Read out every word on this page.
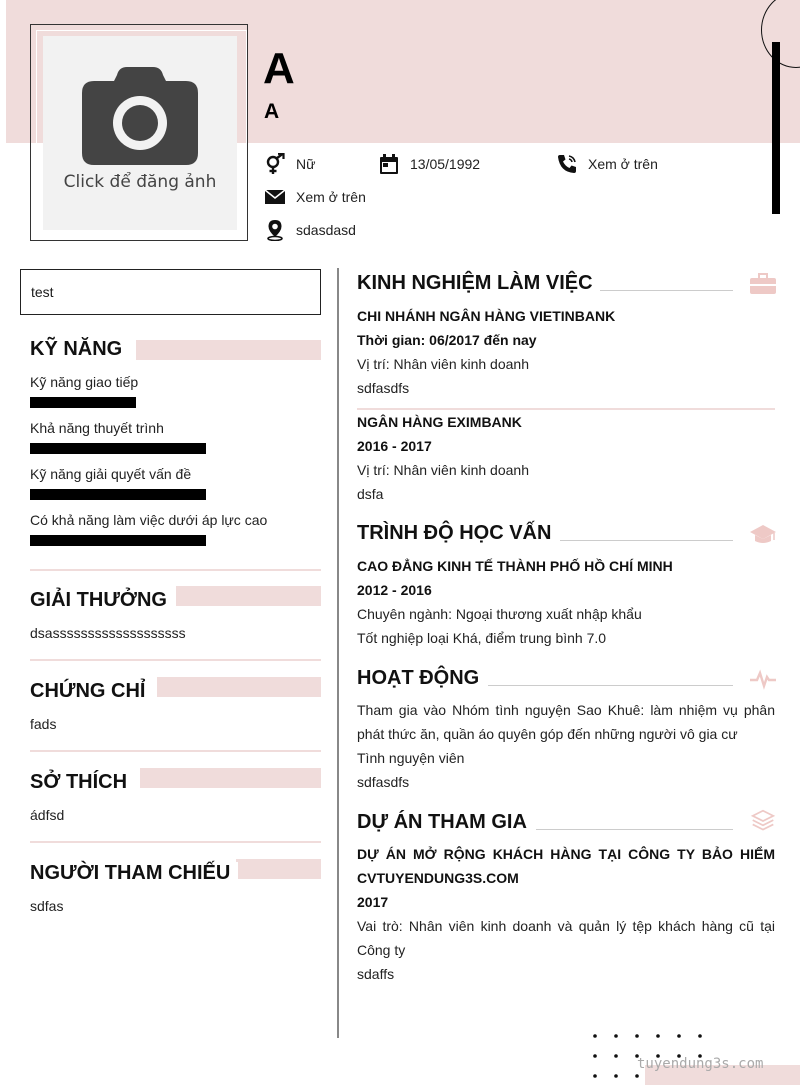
Click để đăng ảnh
A
A
Nữ	13/05/1992	Xem ở trên
Xem ở trên
sdasdasd
test
KỸ NĂNG
Kỹ năng giao tiếp
Khả năng thuyết trình
Kỹ năng giải quyết vấn đề
Có khả năng làm việc dưới áp lực cao
GIẢI THƯỞNG
dsasssssssssssssssssss
CHỨNG CHỈ
fads
SỞ THÍCH
ádfsd
NGƯỜI THAM CHIẾU
sdfas
KINH NGHIỆM LÀM VIỆC
CHI NHÁNH NGÂN HÀNG VIETINBANK
Thời gian: 06/2017 đến nay
Vị trí: Nhân viên kinh doanh
sdfasdfs
NGÂN HÀNG EXIMBANK
2016 - 2017
Vị trí: Nhân viên kinh doanh
dsfa
TRÌNH ĐỘ HỌC VẤN
CAO ĐẲNG KINH TẾ THÀNH PHỐ HỒ CHÍ MINH
2012 - 2016
Chuyên ngành: Ngoại thương xuất nhập khẩu
Tốt nghiệp loại Khá, điểm trung bình 7.0
HOẠT ĐỘNG
Tham gia vào Nhóm tình nguyện Sao Khuê: làm nhiệm vụ phân phát thức ăn, quần áo quyên góp đến những người vô gia cư
Tình nguyện viên
sdfasdfs
DỰ ÁN THAM GIA
DỰ ÁN MỞ RỘNG KHÁCH HÀNG TẠI CÔNG TY BẢO HIỂM CVTUYENDUNG3S.COM
2017
Vai trò: Nhân viên kinh doanh và quản lý tệp khách hàng cũ tại Công ty
sdaffs
tuyendung3s.com
